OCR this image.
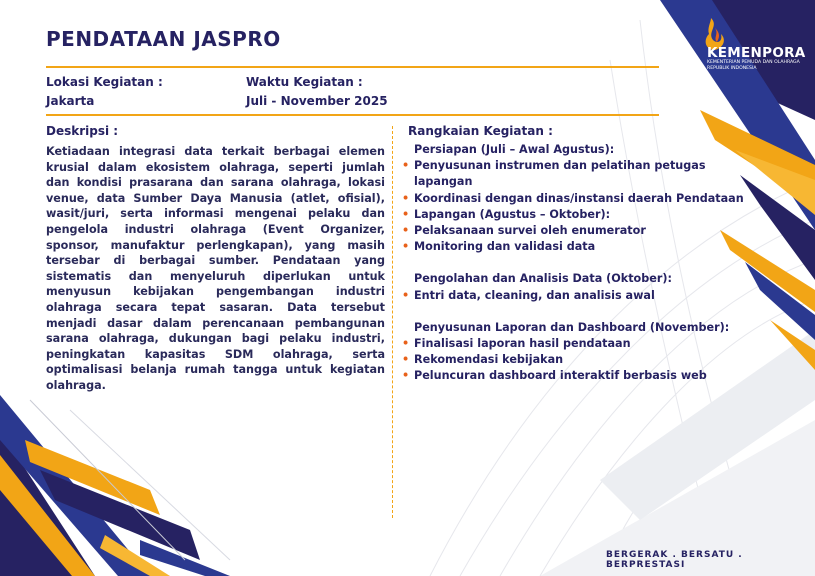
KEMENPORA
KEMENTERIAN PEMUDA DAN OLAHRAGA
REPUBLIK INDONESIA
PENDATAAN JASPRO
Lokasi Kegiatan :
Jakarta
Waktu Kegiatan :
Juli - November 2025
Deskripsi :
Ketiadaan integrasi data terkait berbagai elemen krusial dalam ekosistem olahraga, seperti jumlah dan kondisi prasarana dan sarana olahraga, lokasi venue, data Sumber Daya Manusia (atlet, ofisial), wasit/juri, serta informasi mengenai pelaku dan pengelola industri olahraga (Event Organizer, sponsor, manufaktur perlengkapan), yang masih tersebar di berbagai sumber. Pendataan yang sistematis dan menyeluruh diperlukan untuk menyusun kebijakan pengembangan industri olahraga secara tepat sasaran. Data tersebut menjadi dasar dalam perencanaan pembangunan sarana olahraga, dukungan bagi pelaku industri, peningkatan kapasitas SDM olahraga, serta optimalisasi belanja rumah tangga untuk kegiatan olahraga.
Rangkaian Kegiatan :
Persiapan (Juli – Awal Agustus):
• Penyusunan instrumen dan pelatihan petugas lapangan
• Koordinasi dengan dinas/instansi daerah Pendataan
• Lapangan (Agustus – Oktober):
• Pelaksanaan survei oleh enumerator
• Monitoring dan validasi data
Pengolahan dan Analisis Data (Oktober):
• Entri data, cleaning, dan analisis awal
Penyusunan Laporan dan Dashboard (November):
• Finalisasi laporan hasil pendataan
• Rekomendasi kebijakan
• Peluncuran dashboard interaktif berbasis web
BERGERAK . BERSATU . BERPRESTASI
